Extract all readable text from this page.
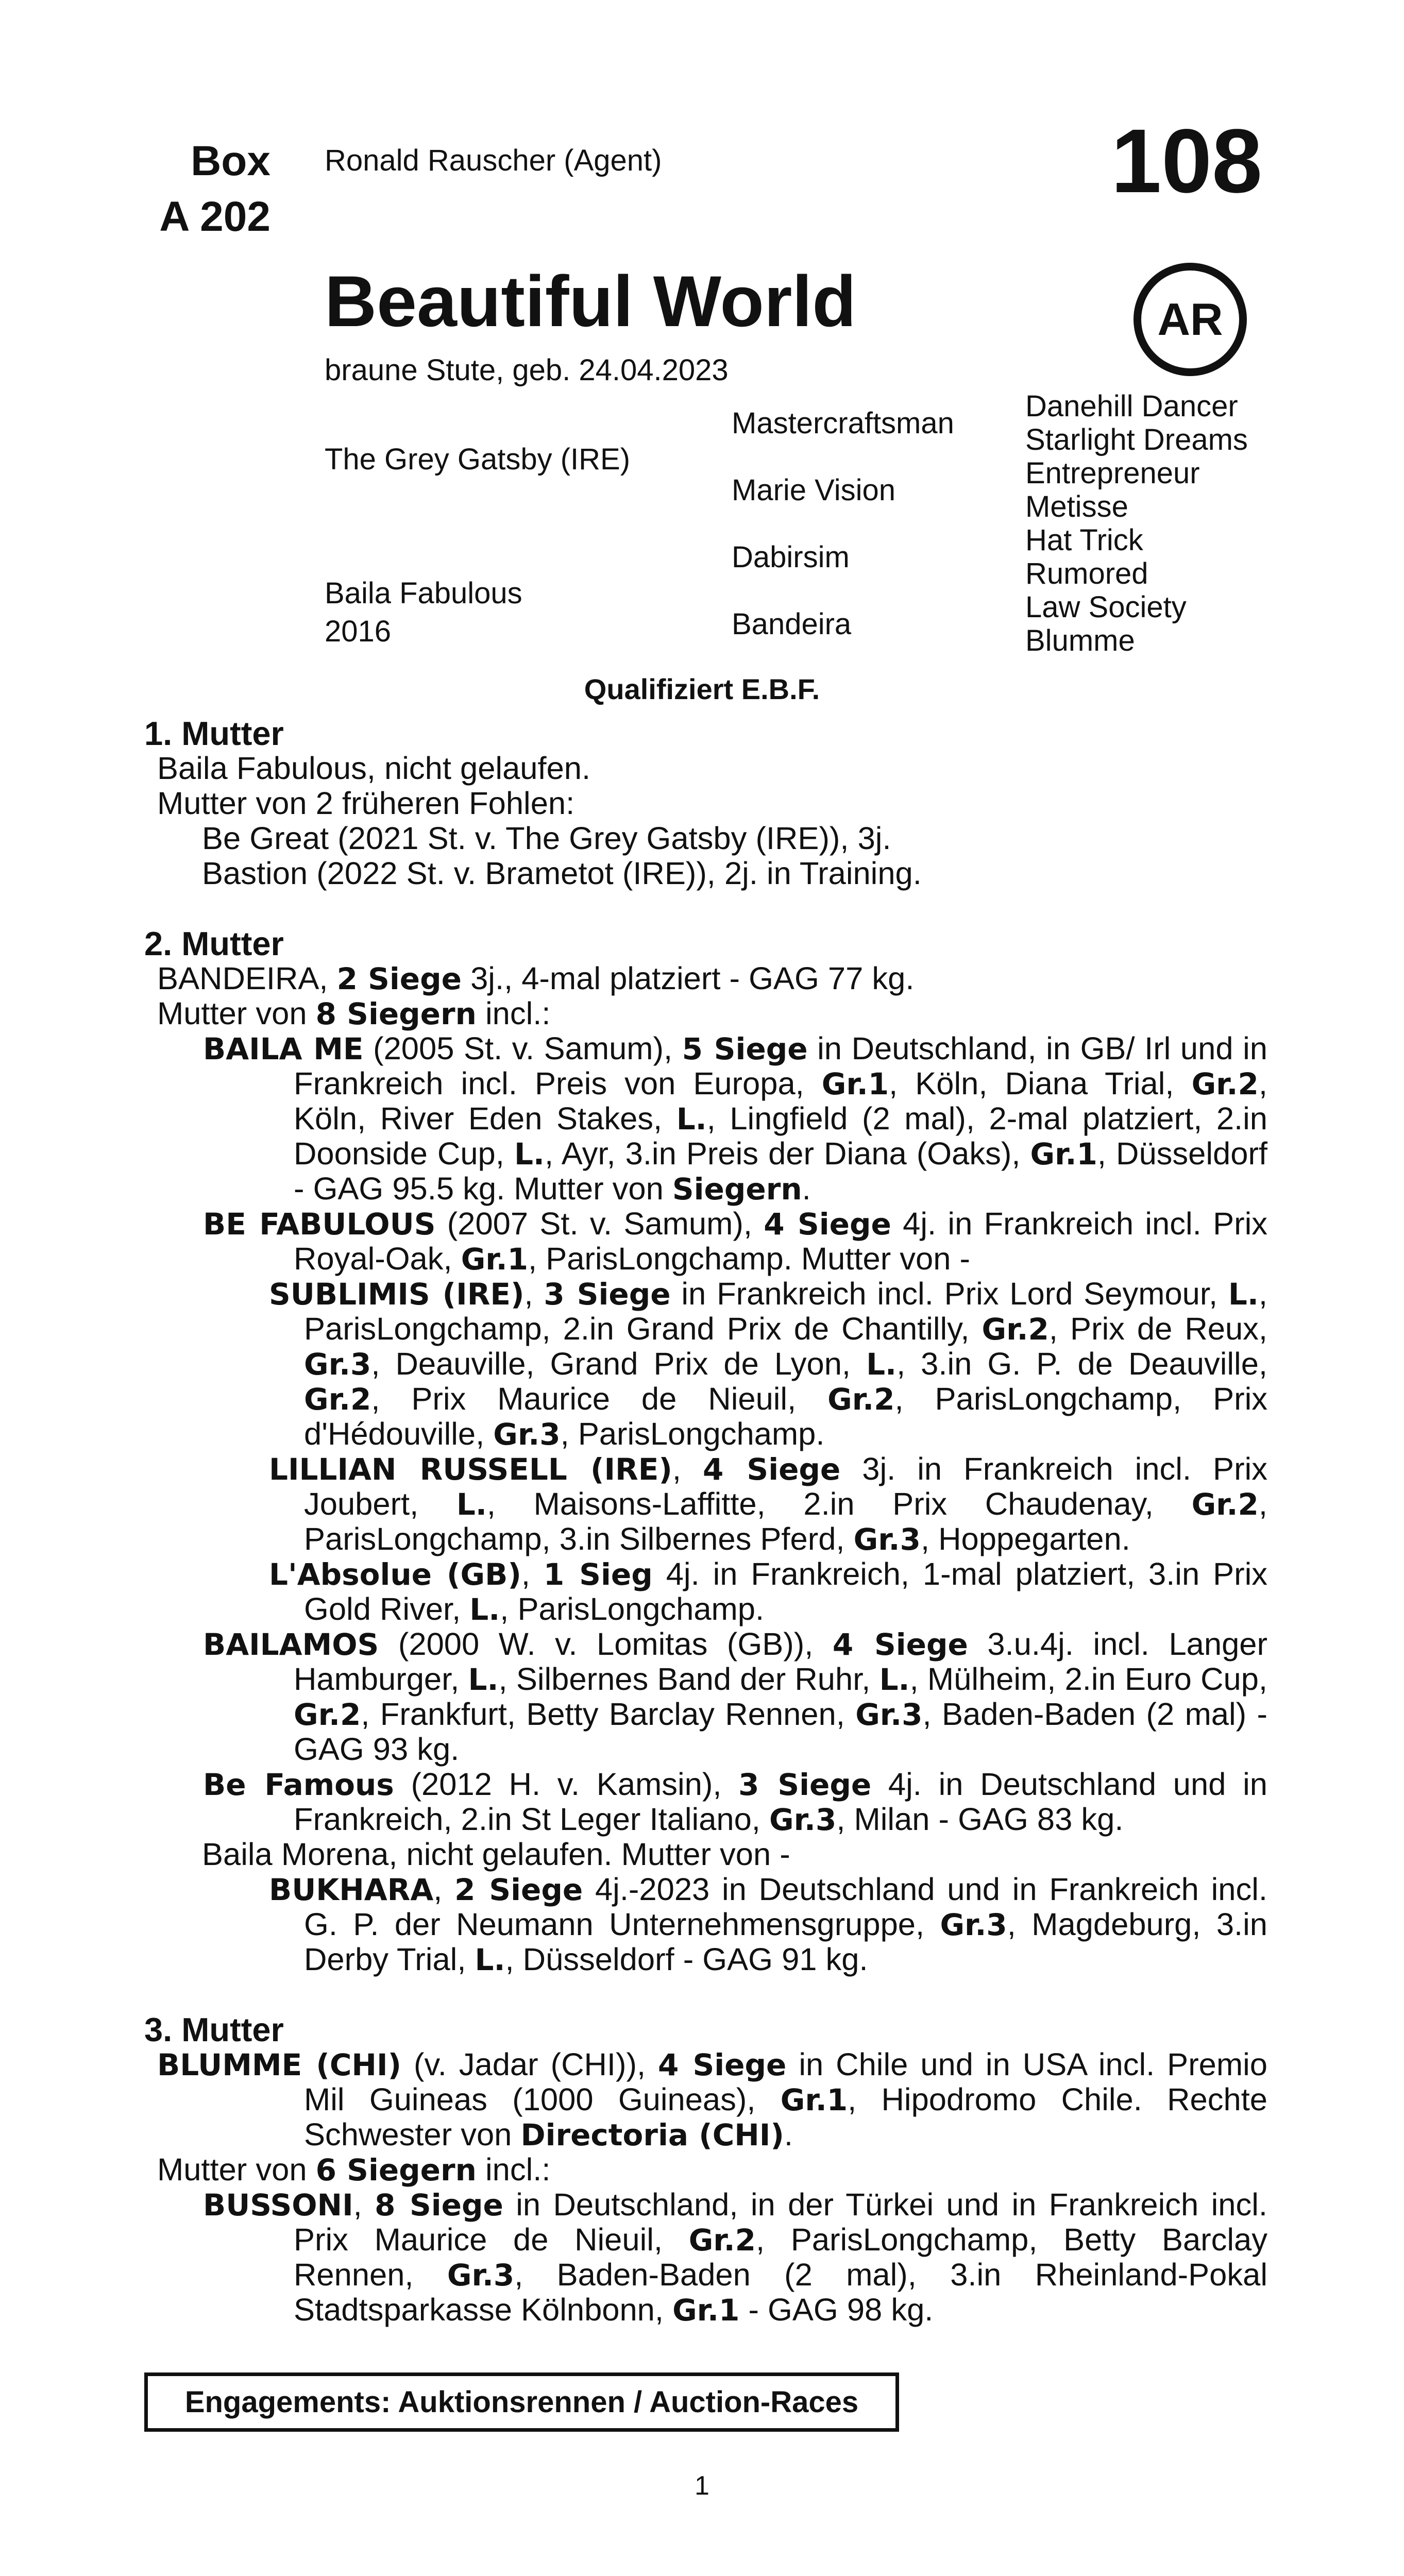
Box
A 202
Ronald Rauscher (Agent)	108
AR
Beautiful World
braune Stute, geb. 24.04.2023
The Grey Gatsby (IRE)
Baila Fabulous
2016
Mastercraftsman
Marie Vision
Dabirsim
Bandeira
Danehill Dancer
Starlight Dreams
Entrepreneur
Metisse
Hat Trick
Rumored
Law Society
Blumme
Qualifiziert E.B.F.

1. Mutter

Baila Fabulous, nicht gelaufen.

Mutter von 2 früheren Fohlen:

Be Great (2021 St. v. The Grey Gatsby (IRE)), 3j.

Bastion (2022 St. v. Brametot (IRE)), 2j. in Training.

2. Mutter

BANDEIRA, 2 Siege 3j., 4-mal platziert - GAG 77 kg.

Mutter von 8 Siegern incl.:

BAILA ME (2005 St. v. Samum), 5 Siege in Deutschland, in GB/ Irl und in Frankreich incl. Preis von Europa, Gr.1, Köln, Diana Trial, Gr.2, Köln, River Eden Stakes, L., Lingfield (2 mal), 2-mal platziert, 2.in Doonside Cup, L., Ayr, 3.in Preis der Diana (Oaks), Gr.1, Düsseldorf - GAG 95.5 kg. Mutter von Siegern.

BE FABULOUS (2007 St. v. Samum), 4 Siege 4j. in Frankreich incl. Prix Royal-Oak, Gr.1, ParisLongchamp. Mutter von -

SUBLIMIS (IRE), 3 Siege in Frankreich incl. Prix Lord Seymour, L., ParisLongchamp, 2.in Grand Prix de Chantilly, Gr.2, Prix de Reux, Gr.3, Deauville, Grand Prix de Lyon, L., 3.in G. P. de Deauville, Gr.2, Prix Maurice de Nieuil, Gr.2, ParisLongchamp, Prix d'Hédouville, Gr.3, ParisLongchamp.

LILLIAN RUSSELL (IRE), 4 Siege 3j. in Frankreich incl. Prix Joubert, L., Maisons-Laffitte, 2.in Prix Chaudenay, Gr.2, ParisLongchamp, 3.in Silbernes Pferd, Gr.3, Hoppegarten.

L'Absolue (GB), 1 Sieg 4j. in Frankreich, 1-mal platziert, 3.in Prix Gold River, L., ParisLongchamp.

BAILAMOS (2000 W. v. Lomitas (GB)), 4 Siege 3.u.4j. incl. Langer Hamburger, L., Silbernes Band der Ruhr, L., Mülheim, 2.in Euro Cup, Gr.2, Frankfurt, Betty Barclay Rennen, Gr.3, Baden-Baden (2 mal) - GAG 93 kg.

Be Famous (2012 H. v. Kamsin), 3 Siege 4j. in Deutschland und in Frankreich, 2.in St Leger Italiano, Gr.3, Milan - GAG 83 kg.

Baila Morena, nicht gelaufen. Mutter von -

BUKHARA, 2 Siege 4j.-2023 in Deutschland und in Frankreich incl. G. P. der Neumann Unternehmensgruppe, Gr.3, Magdeburg, 3.in Derby Trial, L., Düsseldorf - GAG 91 kg.

3. Mutter

BLUMME (CHI) (v. Jadar (CHI)), 4 Siege in Chile und in USA incl. Premio Mil Guineas (1000 Guineas), Gr.1, Hipodromo Chile. Rechte Schwester von Directoria (CHI).

Mutter von 6 Siegern incl.:

BUSSONI, 8 Siege in Deutschland, in der Türkei und in Frankreich incl. Prix Maurice de Nieuil, Gr.2, ParisLongchamp, Betty Barclay Rennen, Gr.3, Baden-Baden (2 mal), 3.in Rheinland-Pokal Stadtsparkasse Kölnbonn, Gr.1 - GAG 98 kg.

Engagements: Auktionsrennen / Auction-Races
1
